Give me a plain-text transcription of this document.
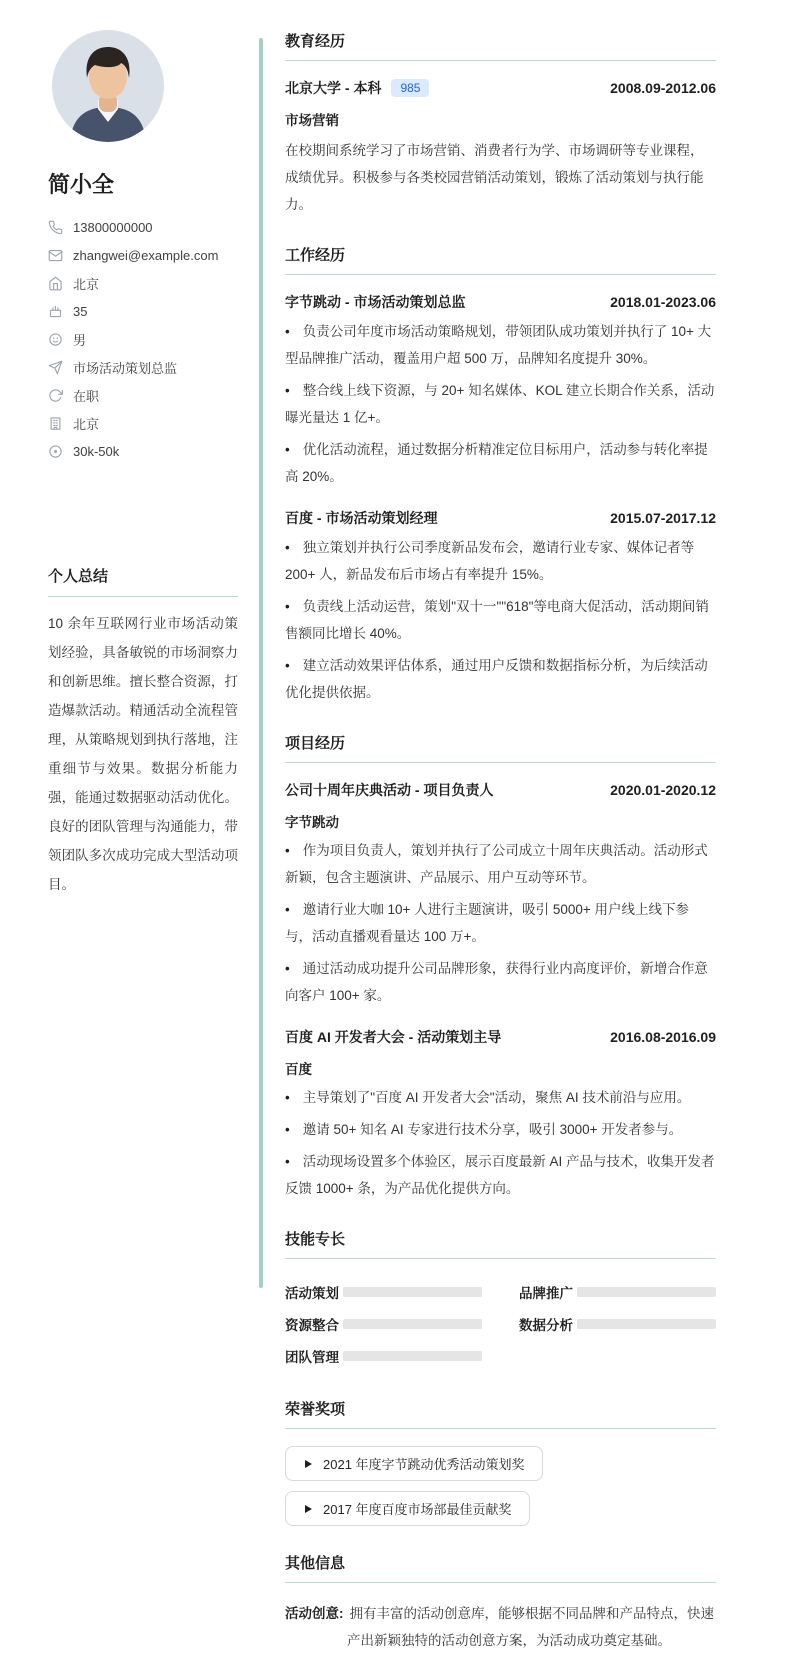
简小全
13800000000
zhangwei@example.com
北京
35
男
市场活动策划总监
在职
北京
30k-50k
个人总结
10 余年互联网行业市场活动策划经验，具备敏锐的市场洞察力和创新思维。擅长整合资源，打造爆款活动。精通活动全流程管理，从策略规划到执行落地，注重细节与效果。数据分析能力强，能通过数据驱动活动优化。良好的团队管理与沟通能力，带领团队多次成功完成大型活动项目。
教育经历
北京大学 - 本科	985	2008.09-2012.06
市场营销
在校期间系统学习了市场营销、消费者行为学、市场调研等专业课程，成绩优异。积极参与各类校园营销活动策划，锻炼了活动策划与执行能力。
工作经历
字节跳动 - 市场活动策划总监	2018.01-2023.06
• 负责公司年度市场活动策略规划，带领团队成功策划并执行了 10+ 大型品牌推广活动，覆盖用户超 500 万，品牌知名度提升 30%。
• 整合线上线下资源，与 20+ 知名媒体、KOL 建立长期合作关系，活动曝光量达 1 亿+。
• 优化活动流程，通过数据分析精准定位目标用户，活动参与转化率提高 20%。
百度 - 市场活动策划经理	2015.07-2017.12
• 独立策划并执行公司季度新品发布会，邀请行业专家、媒体记者等 200+ 人，新品发布后市场占有率提升 15%。
• 负责线上活动运营，策划"双十一""618"等电商大促活动，活动期间销售额同比增长 40%。
• 建立活动效果评估体系，通过用户反馈和数据指标分析，为后续活动优化提供依据。
项目经历
公司十周年庆典活动 - 项目负责人	2020.01-2020.12
字节跳动
• 作为项目负责人，策划并执行了公司成立十周年庆典活动。活动形式新颖，包含主题演讲、产品展示、用户互动等环节。
• 邀请行业大咖 10+ 人进行主题演讲，吸引 5000+ 用户线上线下参与，活动直播观看量达 100 万+。
• 通过活动成功提升公司品牌形象，获得行业内高度评价，新增合作意向客户 100+ 家。
百度 AI 开发者大会 - 活动策划主导	2016.08-2016.09
百度
• 主导策划了"百度 AI 开发者大会"活动，聚焦 AI 技术前沿与应用。
• 邀请 50+ 知名 AI 专家进行技术分享，吸引 3000+ 开发者参与。
• 活动现场设置多个体验区，展示百度最新 AI 产品与技术，收集开发者反馈 1000+ 条，为产品优化提供方向。
技能专长
活动策划	品牌推广
资源整合	数据分析
团队管理
荣誉奖项
2021 年度字节跳动优秀活动策划奖
2017 年度百度市场部最佳贡献奖
其他信息
活动创意: 拥有丰富的活动创意库，能够根据不同品牌和产品特点，快速产出新颖独特的活动创意方案，为活动成功奠定基础。
